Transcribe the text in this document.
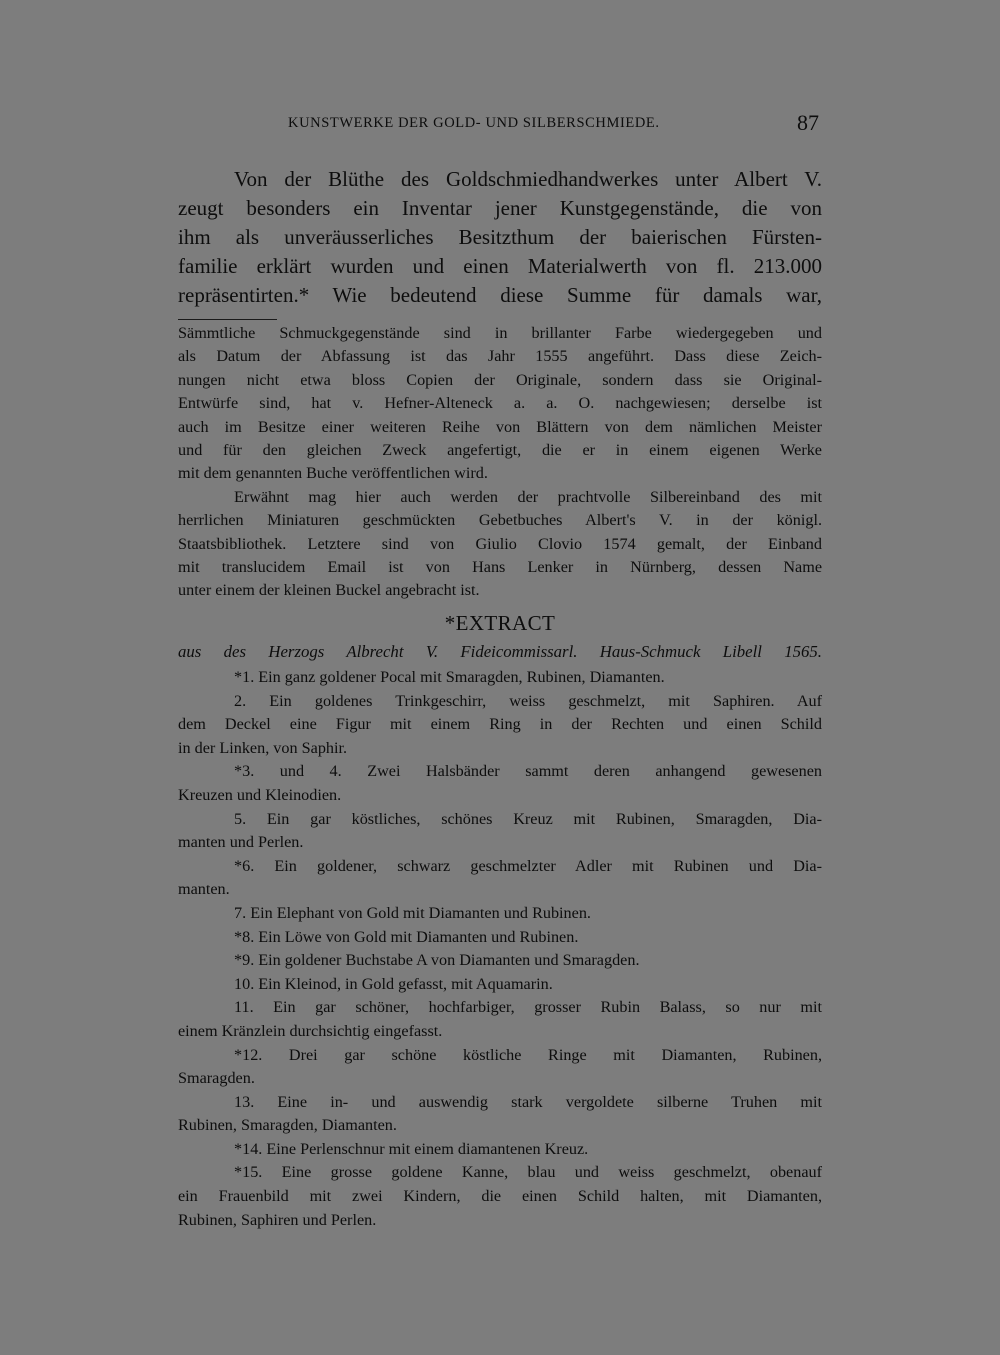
KUNSTWERKE DER GOLD- UND SILBERSCHMIEDE.	87
Von der Blüthe des Goldschmiedhandwerkes unter Albert V.
zeugt besonders ein Inventar jener Kunstgegenstände, die von
ihm als unveräusserliches Besitzthum der baierischen Fürsten-
familie erklärt wurden und einen Materialwerth von fl. 213.000
repräsentirten.* Wie bedeutend diese Summe für damals war,
Sämmtliche Schmuckgegenstände sind in brillanter Farbe wiedergegeben und
als Datum der Abfassung ist das Jahr 1555 angeführt. Dass diese Zeich-
nungen nicht etwa bloss Copien der Originale, sondern dass sie Original-
Entwürfe sind, hat v. Hefner-Alteneck a. a. O. nachgewiesen; derselbe ist
auch im Besitze einer weiteren Reihe von Blättern von dem nämlichen Meister
und für den gleichen Zweck angefertigt, die er in einem eigenen Werke
mit dem genannten Buche veröffentlichen wird.
Erwähnt mag hier auch werden der prachtvolle Silbereinband des mit
herrlichen Miniaturen geschmückten Gebetbuches Albert's V. in der königl.
Staatsbibliothek. Letztere sind von Giulio Clovio 1574 gemalt, der Einband
mit translucidem Email ist von Hans Lenker in Nürnberg, dessen Name
unter einem der kleinen Buckel angebracht ist.
*EXTRACT
aus des Herzogs Albrecht V. Fideicommissarl. Haus-Schmuck Libell 1565.
*1. Ein ganz goldener Pocal mit Smaragden, Rubinen, Diamanten.
2. Ein goldenes Trinkgeschirr, weiss geschmelzt, mit Saphiren. Auf
dem Deckel eine Figur mit einem Ring in der Rechten und einen Schild
in der Linken, von Saphir.
*3. und 4. Zwei Halsbänder sammt deren anhangend gewesenen
Kreuzen und Kleinodien.
5. Ein gar köstliches, schönes Kreuz mit Rubinen, Smaragden, Dia-
manten und Perlen.
*6. Ein goldener, schwarz geschmelzter Adler mit Rubinen und Dia-
manten.
7. Ein Elephant von Gold mit Diamanten und Rubinen.
*8. Ein Löwe von Gold mit Diamanten und Rubinen.
*9. Ein goldener Buchstabe A von Diamanten und Smaragden.
10. Ein Kleinod, in Gold gefasst, mit Aquamarin.
11. Ein gar schöner, hochfarbiger, grosser Rubin Balass, so nur mit
einem Kränzlein durchsichtig eingefasst.
*12. Drei gar schöne köstliche Ringe mit Diamanten, Rubinen,
Smaragden.
13. Eine in- und auswendig stark vergoldete silberne Truhen mit
Rubinen, Smaragden, Diamanten.
*14. Eine Perlenschnur mit einem diamantenen Kreuz.
*15. Eine grosse goldene Kanne, blau und weiss geschmelzt, obenauf
ein Frauenbild mit zwei Kindern, die einen Schild halten, mit Diamanten,
Rubinen, Saphiren und Perlen.
